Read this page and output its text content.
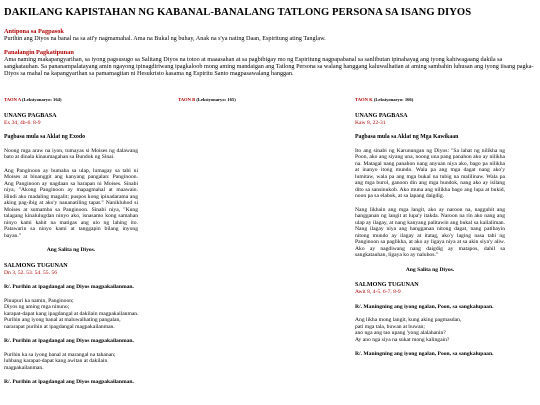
DAKILANG KAPISTAHAN NG KABANAL-BANALANG TATLONG PERSONA SA ISANG DIYOS
Antipona sa Pagpasok
Purihin ang Diyos na banal na sa ati'y nagmamahal. Ama na Bukal ng buhay, Anak na s'ya nating Daan, Espiritung ating Tanglaw.
Panalangin Pagkatipunan
Ama naming makapangyarihan, sa iyong pagsusugo sa Salitang Diyos na totoo at maaasahan at sa pagbibigay mo ng Espiritung nagpapabanal sa sanlibutan ipinahayag ang iyong kahiwagaang dakila sa sangkatauhan. Sa pananampalatayang amin ngayong ipinagdiriwang ipagkaloob mong aming mandaigan ang Tatlong Persona sa walang hanggang kaluwalhatian at aming sambahin luhusan ang iyong iisang pagka-Diyos sa mahal na kapangyarihan sa pamamagitan ni Hesukristo kasama ng Espiritu Santo magpasawalang hanggan.
TAON A (Leksiyonaryo: 164)
UNANG PAGBASA
Ex 34, 4b-6. 8-9
Pagbasa mula sa Aklat ng Exodo
Noong mga araw na iyon, tumayas si Moises ng dalawang bato at dinala kinaumagahan sa Bundok ng Sinai.
Ang Panginoon ay bumaba sa ulap, lumagay sa tabi ni Moises at binanggit ang kanyang pangalan: Panginoon. Ang Panginoon ay nagdaan sa harapan ni Moises. Sinabi niya, "Akong Panginoon ay mapagmahal at maawain. Hindi ako madaling magalit; puspos kong ipinadarama ang aking pag-ibig at ako'y nananatiling tapat." Nanikluhod si Moises at sumamba sa Panginoon. Sinabi niya, "Kung talagang kinalulugdan ninyo ako, isnasamo kong samahan ninyo kami kahit na matigas ang ulo ng lahing ito. Patawarin sa ninyo kami at tanggapin bilang inyong bayan."
Ang Salita ng Diyos.
SALMONG TUGUNAN
Dn 3, 52. 53. 54. 55. 56
R/. Purihin at ipagdangal ang Diyos magpakailanman.
Pinupuri ka namin, Panginoon;
Diyos ng aming mga ninuno;
karapat-dapat kang ipagdangal at dakilain magpakailanman.
Purihin ang iyong banal at maluwalhating pangalan,
nararapat purihin at ipagdangal magpakailanman.
R/. Purihin at ipagdangal ang Diyos magpakailanman.
Purihin ka sa iyong banal at marangal na tahanan;
luhbang karapat-dapat kang awitan at dakilain
magpakailanman.
R/. Purihin at ipagdangal ang Diyos magpakailanman.
TAON B (Leksiyonaryo: 165)	TAON K (Leksiyonaryo: 166)
UNANG PAGBASA
Kaw 8, 22-31
Pagbasa mula sa Aklat ng Mga Kawikaan
Ito ang sinabi ng Karunungan ng Diyos: "Sa lahat ng nilikha ng Poon, ako ang siyang una, noong una pang panahon ako ay nilikha na. Matagal nang panahon nang anyuan niya ako, bago pa nilikha at inanyo itong mundo. Wala pa ang mga dagat nang ako'y lumitaw, wala pa ang mga bukal na tubig na malilinaw. Wala pa ang mga burol, ganoon din ang mga bundok, nang ako ay isilang dito sa sansinukob. Ako muna ang nilikha bago ang lupa at bukid, noon pa sa elabok, at sa lapang daigdig.
Nang likhain ang mga langit, ako ay naroon na, nagguhit ang hangganan ng langit at lupa'y itakda. Naroon na rin ako nang ang ulap ay ilagay, at nang kanyang palitawin ang bukal sa kailaliman. Nang ilagay niya ang hangganan nitong dagat, nang patibayin nitong mundo ay ilagay at itatag, ako'y laging nasa tabi ng Panginoon sa paglikha, at ako ay ligaya niya at sa akin siya'y aliw. Ako ay nagdiwang nang daigdig ay matapos, dahil sa sangkatauhan, ligaya ko ay nalubos."
Ang Salita ng Diyos.
SALMONG TUGUNAN
Awit 8, 4-5. 6-7. 8-9
R/. Maningning ang iyong ngalan, Poon, sa sangkalupaan.
Ang likha mong langit, kung aking pagmasdan,
pati mga tala, buwan at buwan;
ano nga ang tao upang 'yong alalahanin?
Ay ano nga siya na sukat mong kalingain?
R/. Maningning ang iyong ngalan, Poon, sa sangkalupaan.
